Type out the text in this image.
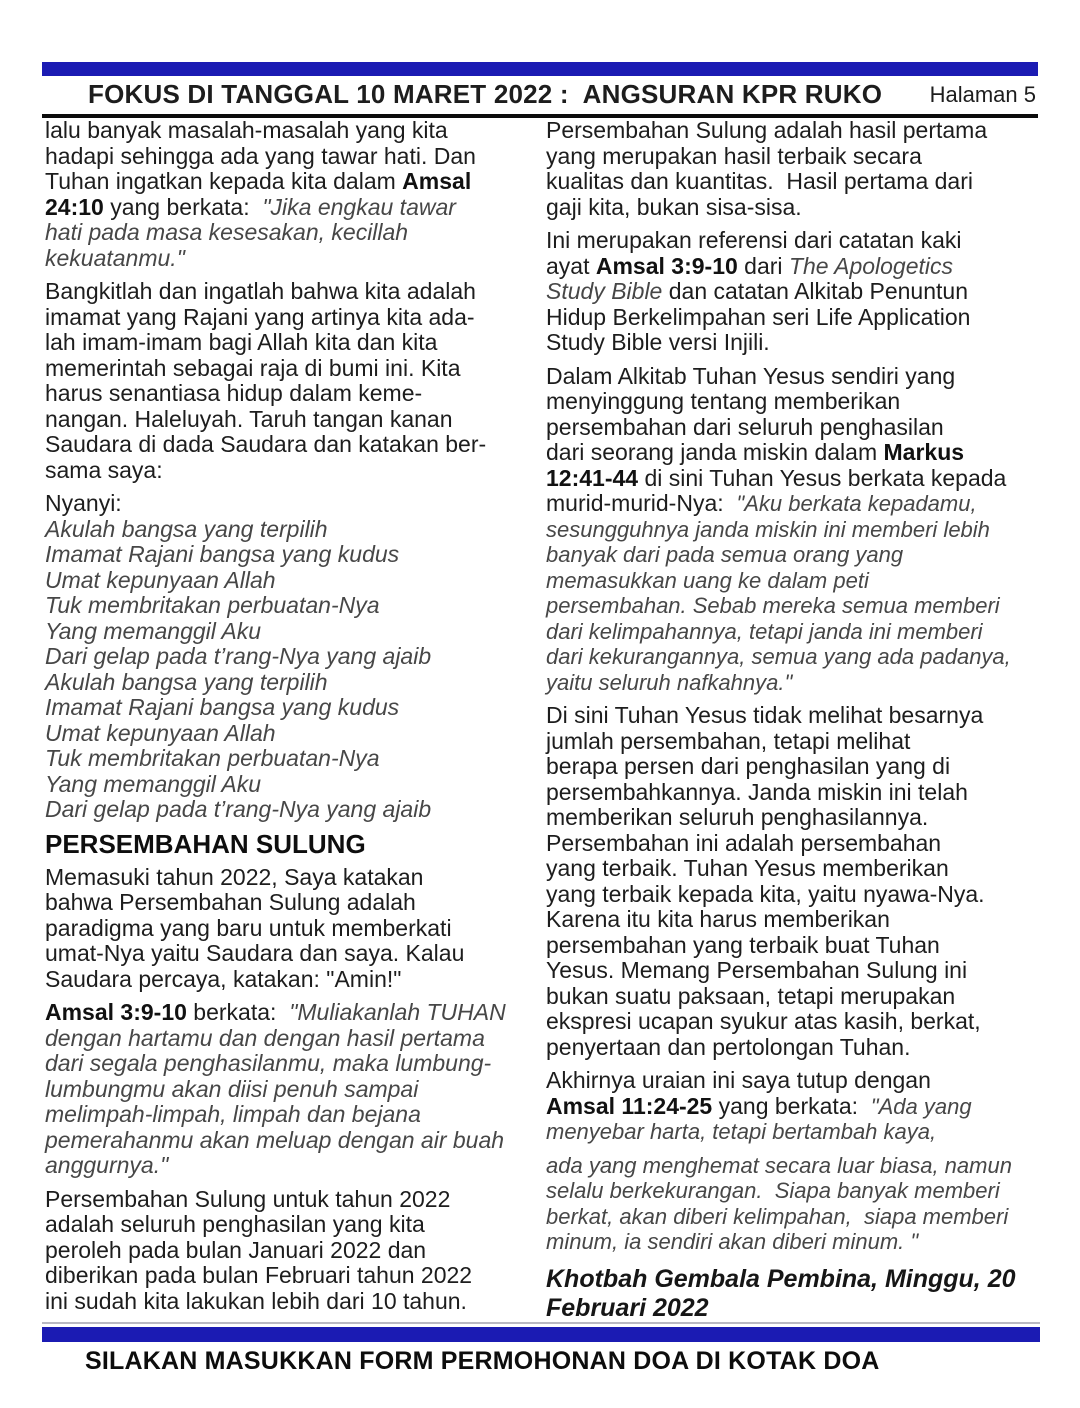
FOKUS DI TANGGAL 10 MARET 2022 :  ANGSURAN KPR RUKO Halaman 5
lalu banyak masalah-masalah yang kita
hadapi sehingga ada yang tawar hati. Dan
Tuhan ingatkan kepada kita dalam Amsal
24:10 yang berkata:  "Jika engkau tawar
hati pada masa kesesakan, kecillah
kekuatanmu."
Bangkitlah dan ingatlah bahwa kita adalah
imamat yang Rajani yang artinya kita ada-
lah imam-imam bagi Allah kita dan kita
memerintah sebagai raja di bumi ini. Kita
harus senantiasa hidup dalam keme-
nangan. Haleluyah. Taruh tangan kanan
Saudara di dada Saudara dan katakan ber-
sama saya:
Nyanyi:
Akulah bangsa yang terpilih
Imamat Rajani bangsa yang kudus
Umat kepunyaan Allah
Tuk membritakan perbuatan-Nya
Yang memanggil Aku
Dari gelap pada t’rang-Nya yang ajaib
Akulah bangsa yang terpilih
Imamat Rajani bangsa yang kudus
Umat kepunyaan Allah
Tuk membritakan perbuatan-Nya
Yang memanggil Aku
Dari gelap pada t’rang-Nya yang ajaib
PERSEMBAHAN SULUNG
Memasuki tahun 2022, Saya katakan
bahwa Persembahan Sulung adalah
paradigma yang baru untuk memberkati
umat-Nya yaitu Saudara dan saya. Kalau
Saudara percaya, katakan: "Amin!"
Amsal 3:9-10 berkata:  "Muliakanlah TUHAN
dengan hartamu dan dengan hasil pertama
dari segala penghasilanmu, maka lumbung-
lumbungmu akan diisi penuh sampai
melimpah-limpah, limpah dan bejana
pemerahanmu akan meluap dengan air buah
anggurnya."
Persembahan Sulung untuk tahun 2022
adalah seluruh penghasilan yang kita
peroleh pada bulan Januari 2022 dan
diberikan pada bulan Februari tahun 2022
ini sudah kita lakukan lebih dari 10 tahun.
Persembahan Sulung adalah hasil pertama
yang merupakan hasil terbaik secara
kualitas dan kuantitas.  Hasil pertama dari
gaji kita, bukan sisa-sisa.
Ini merupakan referensi dari catatan kaki
ayat Amsal 3:9-10 dari The Apologetics
Study Bible dan catatan Alkitab Penuntun
Hidup Berkelimpahan seri Life Application
Study Bible versi Injili.
Dalam Alkitab Tuhan Yesus sendiri yang
menyinggung tentang memberikan
persembahan dari seluruh penghasilan
dari seorang janda miskin dalam Markus
12:41-44 di sini Tuhan Yesus berkata kepada
murid-murid-Nya:  "Aku berkata kepadamu,
sesungguhnya janda miskin ini memberi lebih
banyak dari pada semua orang yang
memasukkan uang ke dalam peti
persembahan. Sebab mereka semua memberi
dari kelimpahannya, tetapi janda ini memberi
dari kekurangannya, semua yang ada padanya,
yaitu seluruh nafkahnya."
Di sini Tuhan Yesus tidak melihat besarnya
jumlah persembahan, tetapi melihat
berapa persen dari penghasilan yang di
persembahkannya. Janda miskin ini telah
memberikan seluruh penghasilannya.
Persembahan ini adalah persembahan
yang terbaik. Tuhan Yesus memberikan
yang terbaik kepada kita, yaitu nyawa-Nya.
Karena itu kita harus memberikan
persembahan yang terbaik buat Tuhan
Yesus. Memang Persembahan Sulung ini
bukan suatu paksaan, tetapi merupakan
ekspresi ucapan syukur atas kasih, berkat,
penyertaan dan pertolongan Tuhan.
Akhirnya uraian ini saya tutup dengan
Amsal 11:24-25 yang berkata:  "Ada yang
menyebar harta, tetapi bertambah kaya,
ada yang menghemat secara luar biasa, namun
selalu berkekurangan.  Siapa banyak memberi
berkat, akan diberi kelimpahan,  siapa memberi
minum, ia sendiri akan diberi minum. "
Khotbah Gembala Pembina, Minggu, 20
Februari 2022
SILAKAN MASUKKAN FORM PERMOHONAN DOA DI KOTAK DOA
